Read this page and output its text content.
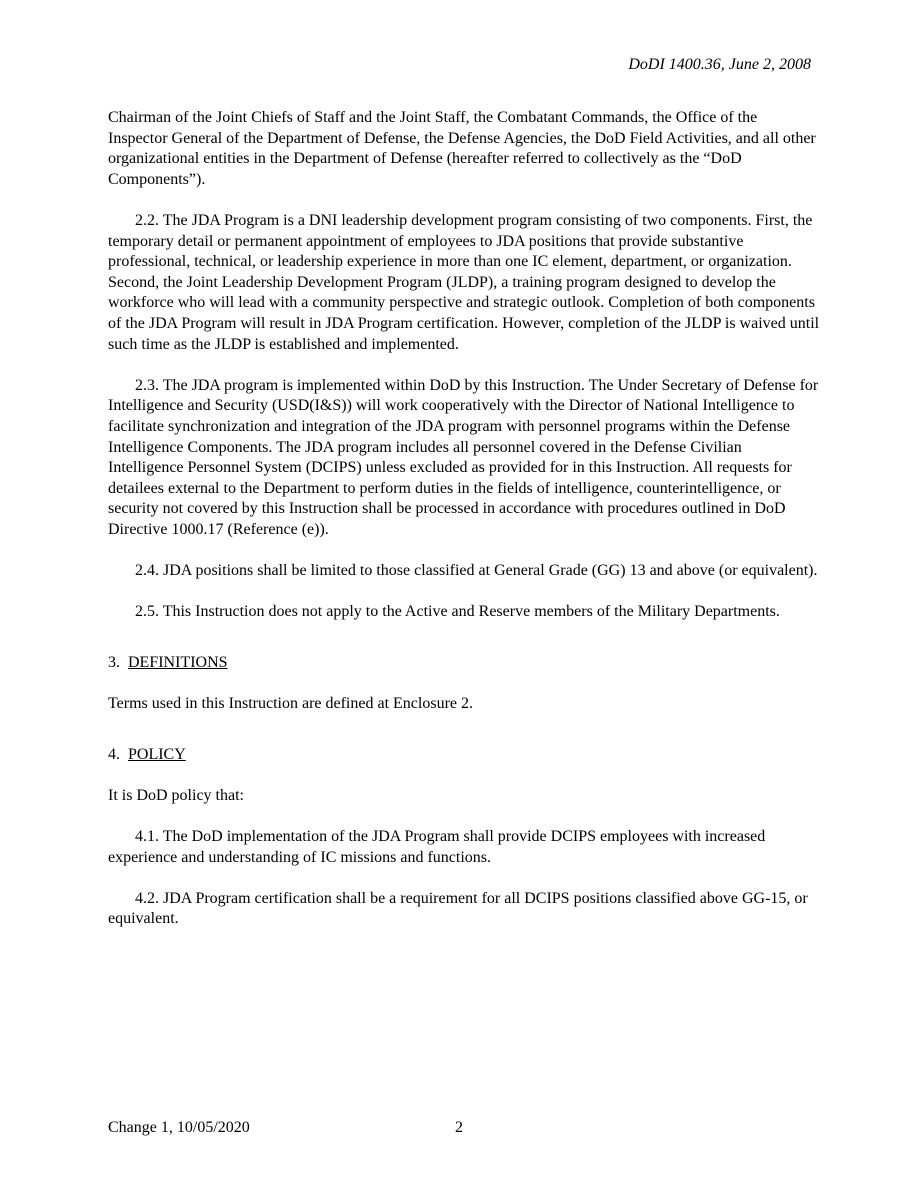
DoDI 1400.36, June 2, 2008

Chairman of the Joint Chiefs of Staff and the Joint Staff, the Combatant Commands, the Office of the Inspector General of the Department of Defense, the Defense Agencies, the DoD Field Activities, and all other organizational entities in the Department of Defense (hereafter referred to collectively as the “DoD Components”).

2.2. The JDA Program is a DNI leadership development program consisting of two components. First, the temporary detail or permanent appointment of employees to JDA positions that provide substantive professional, technical, or leadership experience in more than one IC element, department, or organization. Second, the Joint Leadership Development Program (JLDP), a training program designed to develop the workforce who will lead with a community perspective and strategic outlook. Completion of both components of the JDA Program will result in JDA Program certification. However, completion of the JLDP is waived until such time as the JLDP is established and implemented.

2.3. The JDA program is implemented within DoD by this Instruction. The Under Secretary of Defense for Intelligence and Security (USD(I&S)) will work cooperatively with the Director of National Intelligence to facilitate synchronization and integration of the JDA program with personnel programs within the Defense Intelligence Components. The JDA program includes all personnel covered in the Defense Civilian Intelligence Personnel System (DCIPS) unless excluded as provided for in this Instruction. All requests for detailees external to the Department to perform duties in the fields of intelligence, counterintelligence, or security not covered by this Instruction shall be processed in accordance with procedures outlined in DoD Directive 1000.17 (Reference (e)).

2.4. JDA positions shall be limited to those classified at General Grade (GG) 13 and above (or equivalent).

2.5. This Instruction does not apply to the Active and Reserve members of the Military Departments.

3. DEFINITIONS

Terms used in this Instruction are defined at Enclosure 2.

4. POLICY

It is DoD policy that:

4.1. The DoD implementation of the JDA Program shall provide DCIPS employees with increased experience and understanding of IC missions and functions.

4.2. JDA Program certification shall be a requirement for all DCIPS positions classified above GG-15, or equivalent.

Change 1, 10/05/2020	2
